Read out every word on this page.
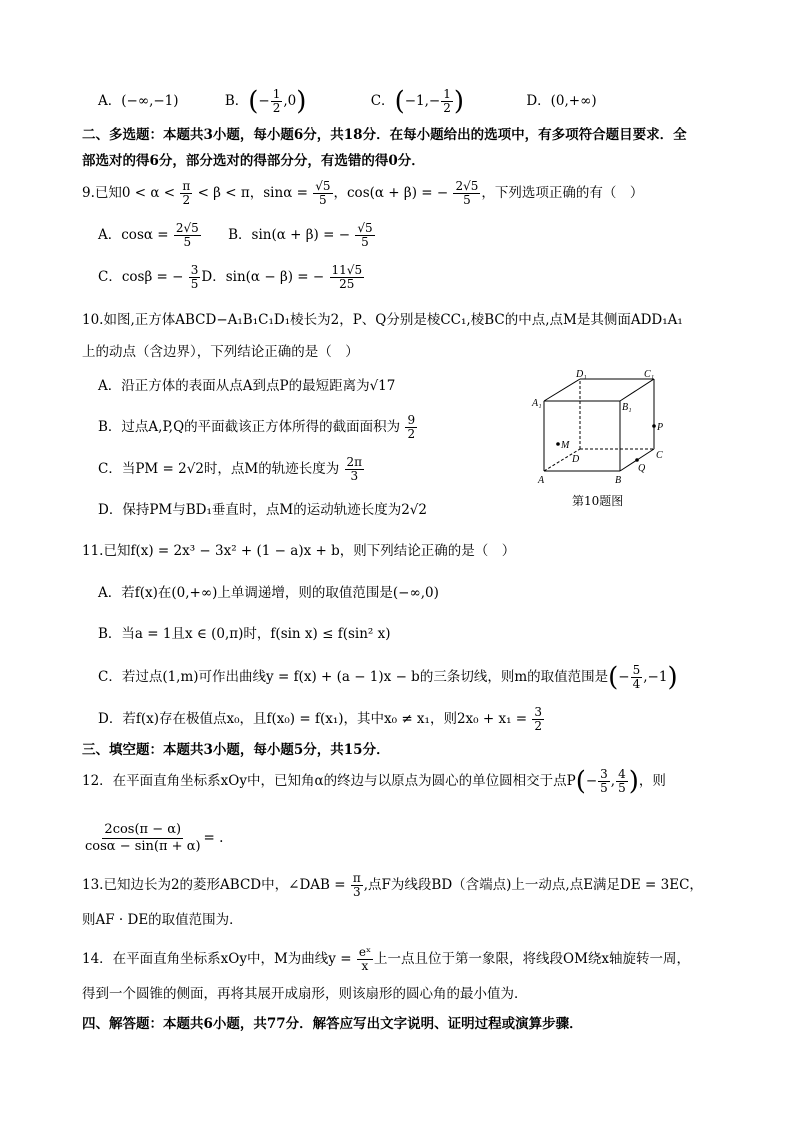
A．(−∞,−1)	B．(− $\frac{1}{2} ,0$)	C．($-1,- \frac{1}{2}$ )	D．(0,+∞)
二、多选题：本题共3小题，每小题6分，共18分．在每小题给出的选项中，有多项符合题目要求．全
部选对的得6分，部分选对的得部分分，有选错的得0分．
9.已知$0 < \alpha < \frac{\pi}{2} < \beta < \pi$，$\sin\alpha = \frac{√5}{5}$ ，cos(α + β) = − $\frac{2√5}{5}$ ，下列选项正确的有（　）
A．$\cos\alpha = \frac{2√5}{5}$ B．sin(α + β) = − $\frac{√5}{5}$
C．cosβ = − $\frac{3}{5}$ D．sin(α − β) = − $\frac{11√5}{25}$
10.如图,正方体ABCD−A₁B₁C₁D₁棱长为2，P、Q分别是棱CC₁,棱BC的中点,点M是其侧面ADD₁A₁
上的动点（含边界），下列结论正确的是（　）
A．沿正方体的表面从点A到点P的最短距离为√17
B．过点A,P,Q的平面截该正方体所得的截面面积为 $\frac{9}{2}$
C．当PM = 2√2时，点M的轨迹长度为 $\frac{2\pi}{3}$
D．保持PM与BD₁垂直时，点M的运动轨迹长度为2√2
A	B
C
D
A₁	B₁
C₁
D₁
P
Q
M
第10题图
11.已知f(x) = 2x³ − 3x² + (1 − a)x + b，则下列结论正确的是（　）
A．若f(x)在(0,+∞)上单调递增，则的取值范围是(−∞,0)
B．当a = 1且x ∈ (0,π)时，f(sin x) ≤ f(sin² x)
C．若过点(1,m)可作出曲线y = f(x) + (a − 1)x − b的三条切线，则m的取值范围是(− $\frac{5}{4} ,-1$)
D．若f(x)存在极值点x₀，且f(x₀) = f(x₁)，其中x₀ ≠ x₁，则$2x_0 + x_1 = \frac{3}{2}$
三、填空题：本题共3小题，每小题5分，共15分．
12．在平面直角坐标系xOy中，已知角α的终边与以原点为圆心的单位圆相交于点$P(- \frac{3}{5}$ , $\frac{4}{5}$ )，则
$\frac{2\cos(\pi - \alpha)}{\cos\alpha - \sin(\pi + \alpha)}$ = .
13.已知边长为2的菱形ABCD中，∠DAB = $\frac{\pi}{3}$ ,点F为线段BD（含端点)上一动点,点E满足DE = 3EC，
则AF · DE的取值范围为．
14．在平面直角坐标系xOy中，M为曲线$y = \frac{\text{eˣ}}{x}$ 上一点且位于第一象限，将线段OM绕x轴旋转一周，
得到一个圆锥的侧面，再将其展开成扇形，则该扇形的圆心角的最小值为．
四、解答题：本题共6小题，共77分．解答应写出文字说明、证明过程或演算步骤．
